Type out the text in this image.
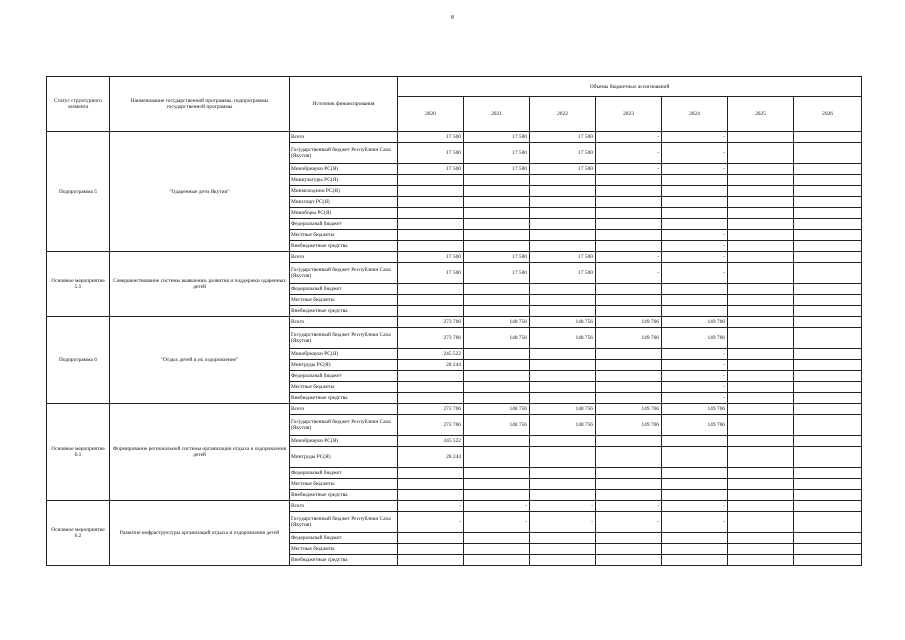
8
Статус структурного элемента	Наименование государственной программы, подпрограммы государственной программы	Источник финансирования	Объемы бюджетных ассигнований						
			2020	2021	2022	2023	2024	2025	2026
Подпрограмма 5	"Одаренные дети Якутии"	Всего	17 500	17 500	17 500	-	-		
		Государственный бюджет Республики Саха (Якутия)	17 500	17 500	17 500	-	-		
		Минобрнауки РС(Я)	17 500	17 500	17 500	-	-		
		Минкультуры РС(Я)							
		Минмолодежи РС(Я)							
		Минспорт РС(Я)							
		Миноборы РС(Я)							
		Федеральный бюджет							
		Местные бюджеты					-		
		Внебюджетные средства					-		
Основное мероприятие 5.1	Совершенствование системы выявления, развития и поддержки одаренных детей	Всего	17 500	17 500	17 500	-	-		
		Государственный бюджет Республики Саха (Якутия)	17 500	17 500	17 500	-	-		
		Федеральный бюджет							
		Местные бюджеты							
		Внебюджетные средства							
Подпрограмма 6	"Отдых детей и их оздоровление"	Всего	273 766	148 756	148 756	149 766	149 766		
		Государственный бюджет Республики Саха (Якутия)	273 766	148 756	148 756	149 766	149 766		
		Минобрнауки РС(Я)	245 522				-		
		Минтруды РС(Я)	28 244				-		
		Федеральный бюджет					-		
		Местные бюджеты					-		
		Внебюджетные средства					-		
Основное мероприятие 6.1	Формирование региональной системы организации отдыха и оздоровления детей	Всего	273 766	148 756	148 756	149 766	149 766		
		Государственный бюджет Республики Саха (Якутия)	273 766	148 756	148 756	149 766	149 766		
		Минобрнауки РС(Я)	245 522						
		Минтруды РС(Я)	28 244						
		Федеральный бюджет							
		Местные бюджеты							
		Внебюджетные средства							
Основное мероприятие 6.2	Развитие инфраструктуры организаций отдыха и оздоровления детей	Всего	-	-	-	-	-		
		Государственный бюджет Республики Саха (Якутия)	-	-	-	-	-		
		Федеральный бюджет							
		Местные бюджеты							
		Внебюджетные средства							
